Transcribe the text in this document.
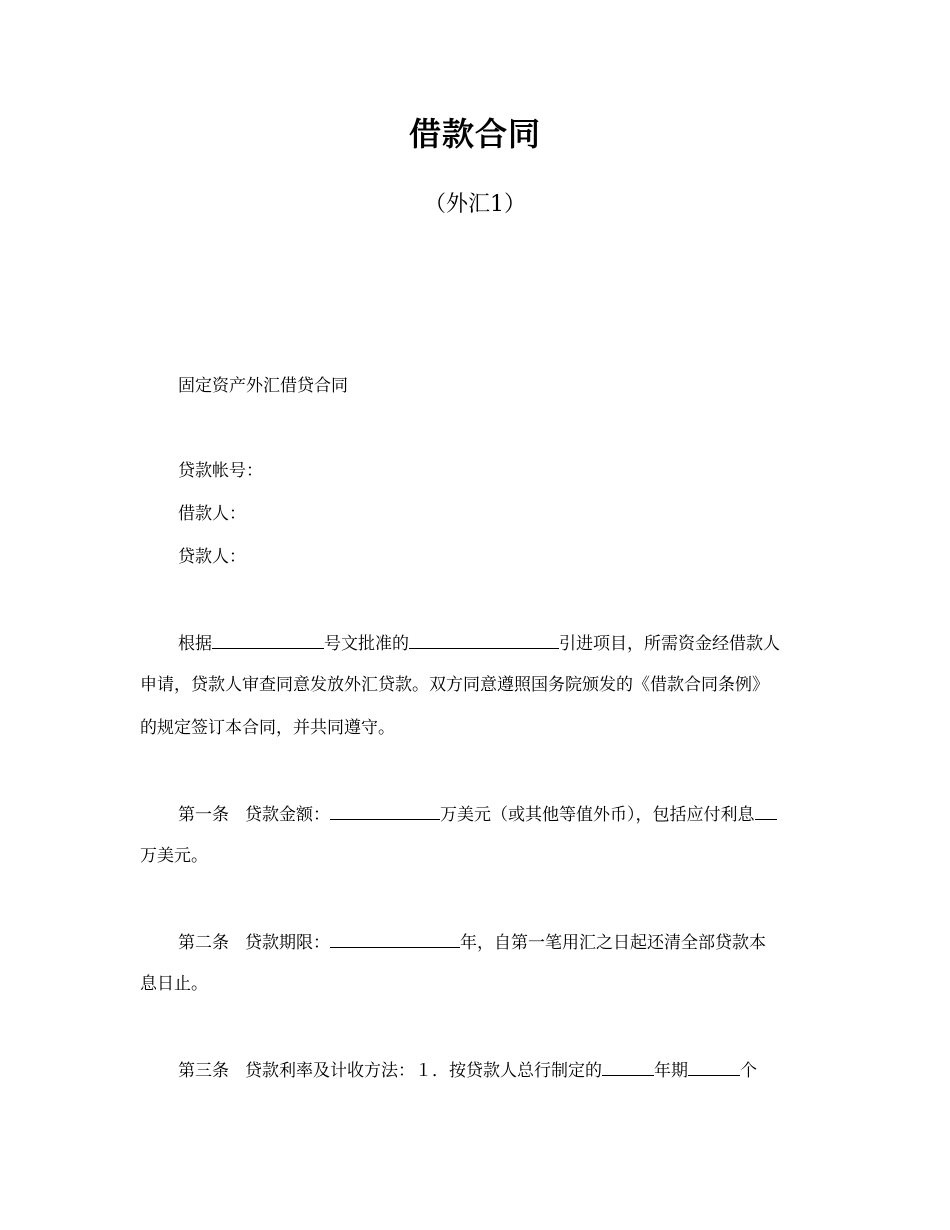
借款合同
（外汇1）
固定资产外汇借贷合同
贷款帐号：
借款人：
贷款人：
根据	号文批准的	引进项目，所需资金经借款人
申请，贷款人审查同意发放外汇贷款。双方同意遵照国务院颁发的《借款合同条例》
的规定签订本合同，并共同遵守。
第一条 贷款金额：	万美元（或其他等值外币），包括应付利息
万美元。
第二条 贷款期限：	年，自第一笔用汇之日起还清全部贷款本
息日止。
第三条 贷款利率及计收方法：１．按贷款人总行制定的	年期	个
